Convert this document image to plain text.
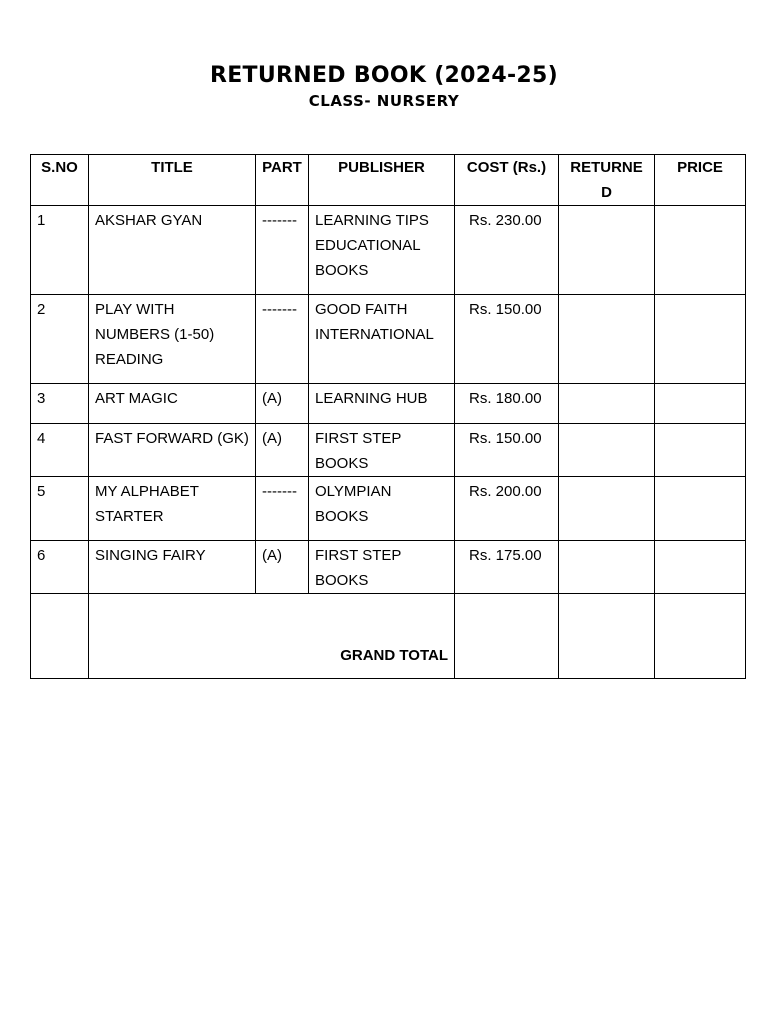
RETURNED BOOK (2024-25)
CLASS- NURSERY
S.NO	TITLE	PART	PUBLISHER	COST (Rs.)	RETURNED	PRICE
1	AKSHAR GYAN	-------	LEARNING TIPS EDUCATIONAL BOOKS	Rs. 230.00		
2	PLAY WITH NUMBERS (1-50) READING	-------	GOOD FAITH INTERNATIONAL	Rs. 150.00		
3	ART MAGIC	(A)	LEARNING HUB	Rs. 180.00		
4	FAST FORWARD (GK)	(A)	FIRST STEP BOOKS	Rs. 150.00		
5	MY ALPHABET STARTER	-------	OLYMPIAN BOOKS	Rs. 200.00		
6	SINGING FAIRY	(A)	FIRST STEP BOOKS	Rs. 175.00		
	GRAND TOTAL					
